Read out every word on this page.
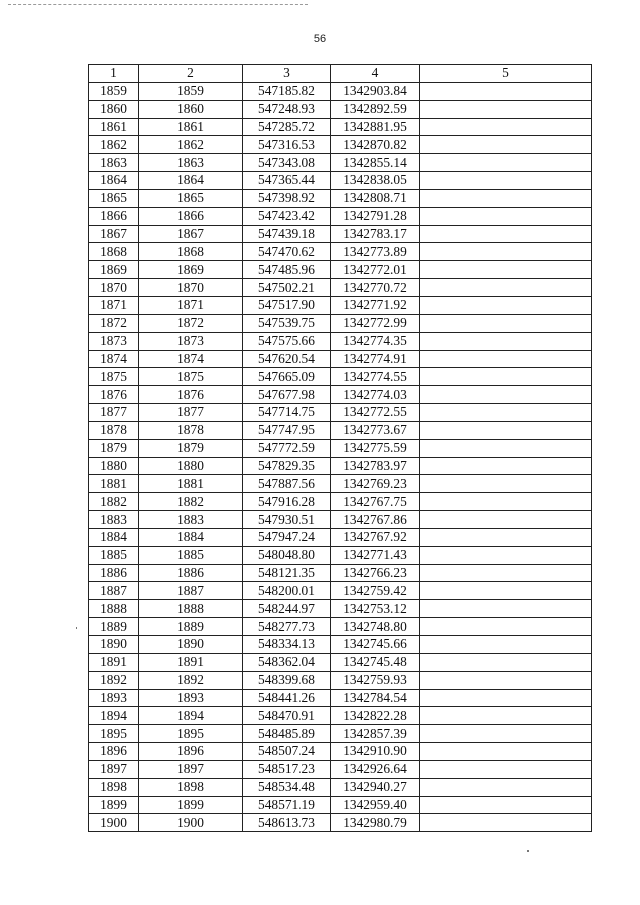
56
1	2	3	4	5
1859	1859	547185.82	1342903.84	
1860	1860	547248.93	1342892.59	
1861	1861	547285.72	1342881.95	
1862	1862	547316.53	1342870.82	
1863	1863	547343.08	1342855.14	
1864	1864	547365.44	1342838.05	
1865	1865	547398.92	1342808.71	
1866	1866	547423.42	1342791.28	
1867	1867	547439.18	1342783.17	
1868	1868	547470.62	1342773.89	
1869	1869	547485.96	1342772.01	
1870	1870	547502.21	1342770.72	
1871	1871	547517.90	1342771.92	
1872	1872	547539.75	1342772.99	
1873	1873	547575.66	1342774.35	
1874	1874	547620.54	1342774.91	
1875	1875	547665.09	1342774.55	
1876	1876	547677.98	1342774.03	
1877	1877	547714.75	1342772.55	
1878	1878	547747.95	1342773.67	
1879	1879	547772.59	1342775.59	
1880	1880	547829.35	1342783.97	
1881	1881	547887.56	1342769.23	
1882	1882	547916.28	1342767.75	
1883	1883	547930.51	1342767.86	
1884	1884	547947.24	1342767.92	
1885	1885	548048.80	1342771.43	
1886	1886	548121.35	1342766.23	
1887	1887	548200.01	1342759.42	
1888	1888	548244.97	1342753.12	
1889	1889	548277.73	1342748.80	
1890	1890	548334.13	1342745.66	
1891	1891	548362.04	1342745.48	
1892	1892	548399.68	1342759.93	
1893	1893	548441.26	1342784.54	
1894	1894	548470.91	1342822.28	
1895	1895	548485.89	1342857.39	
1896	1896	548507.24	1342910.90	
1897	1897	548517.23	1342926.64	
1898	1898	548534.48	1342940.27	
1899	1899	548571.19	1342959.40	
1900	1900	548613.73	1342980.79	
